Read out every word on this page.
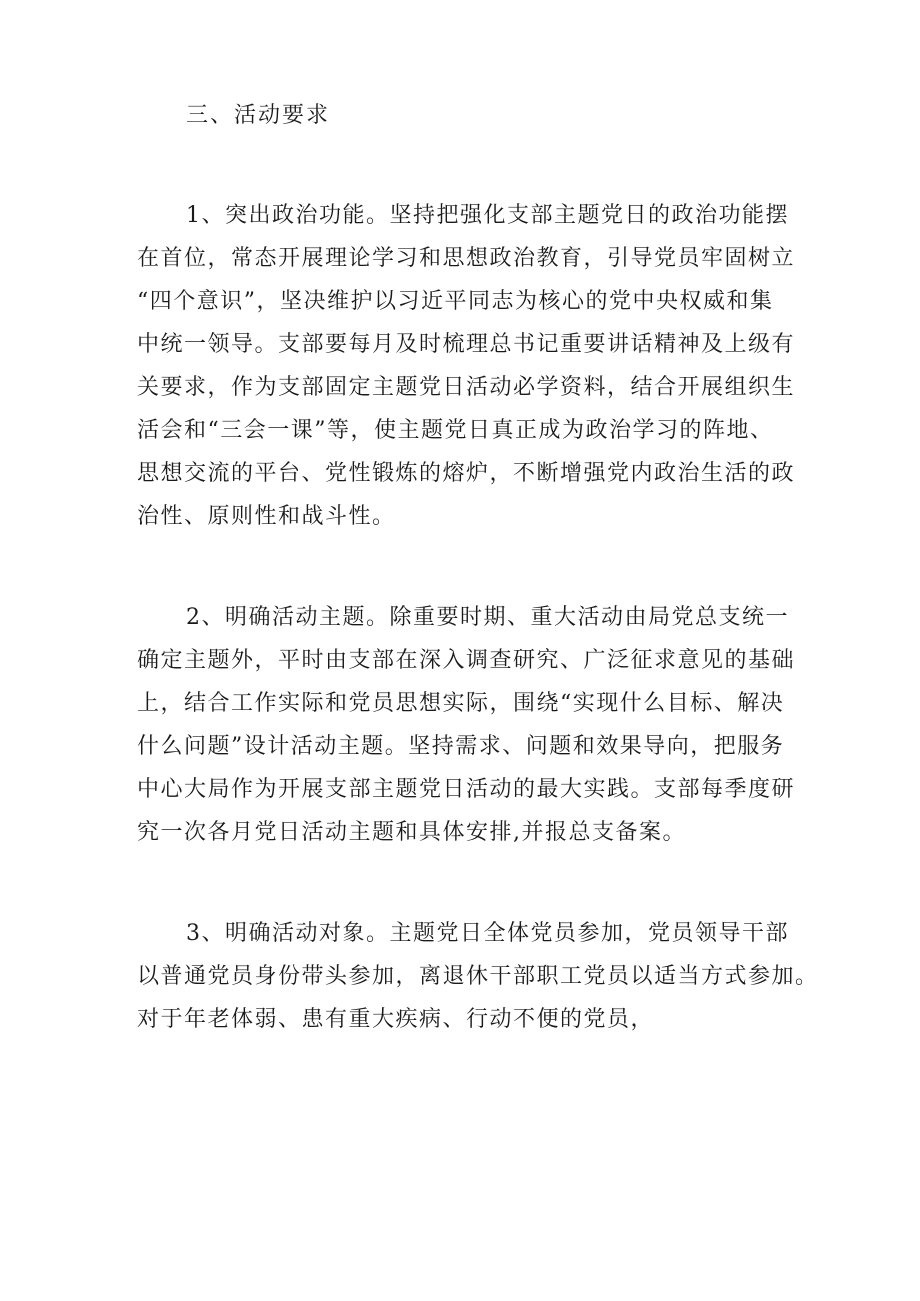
三、活动要求
1、突出政治功能。坚持把强化支部主题党日的政治功能摆
在首位，常态开展理论学习和思想政治教育，引导党员牢固树立
“四个意识”，坚决维护以习近平同志为核心的党中央权威和集
中统一领导。支部要每月及时梳理总书记重要讲话精神及上级有
关要求，作为支部固定主题党日活动必学资料，结合开展组织生
活会和“三会一课”等，使主题党日真正成为政治学习的阵地、
思想交流的平台、党性锻炼的熔炉，不断增强党内政治生活的政
治性、原则性和战斗性。
2、明确活动主题。除重要时期、重大活动由局党总支统一
确定主题外，平时由支部在深入调查研究、广泛征求意见的基础
上，结合工作实际和党员思想实际，围绕“实现什么目标、解决
什么问题”设计活动主题。坚持需求、问题和效果导向，把服务
中心大局作为开展支部主题党日活动的最大实践。支部每季度研
究一次各月党日活动主题和具体安排,并报总支备案。
3、明确活动对象。主题党日全体党员参加，党员领导干部
以普通党员身份带头参加，离退休干部职工党员以适当方式参加。
对于年老体弱、患有重大疾病、行动不便的党员，
